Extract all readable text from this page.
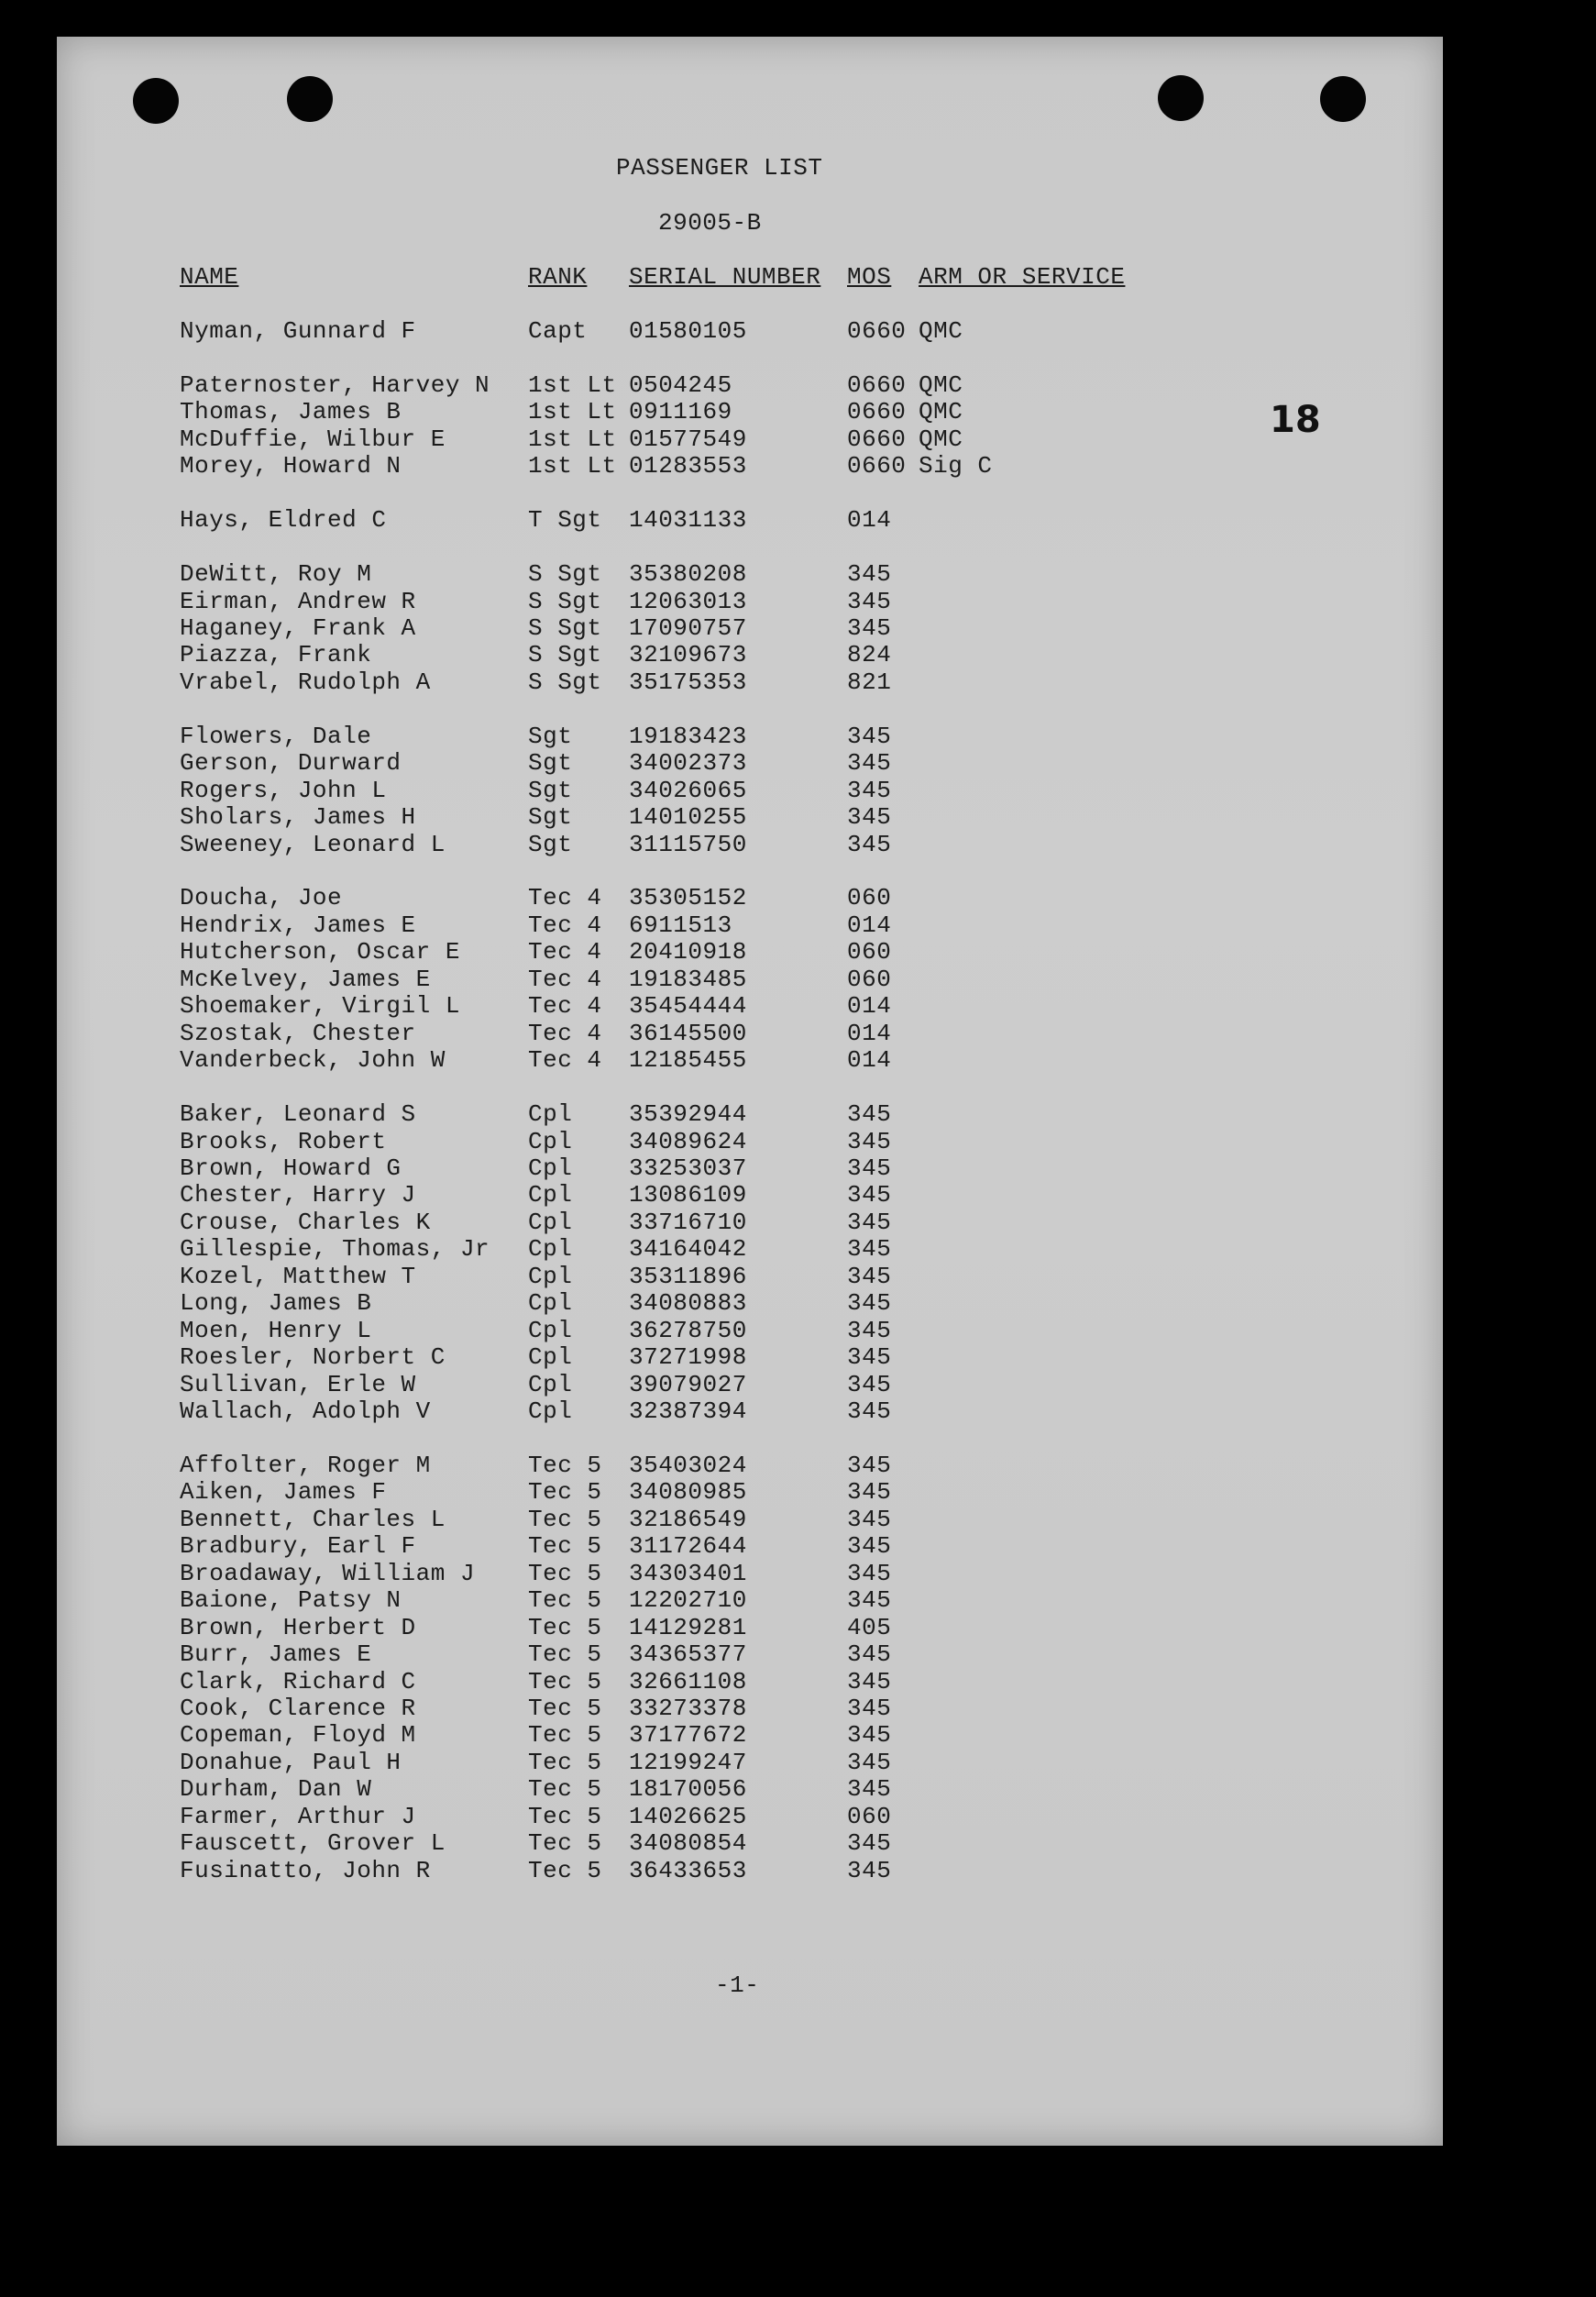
PASSENGER LIST
29005-B
NAME	RANK SERIAL NUMBER MOS ARM OR SERVICE
18
Nyman, Gunnard F	Capt 01580105	0660 QMC
Paternoster, Harvey N 1st Lt 0504245	0660 QMC
Thomas, James B	1st Lt 0911169	0660 QMC
McDuffie, Wilbur E	1st Lt 01577549	0660 QMC
Morey, Howard N	1st Lt 01283553	0660 Sig C
Hays, Eldred C	T Sgt 14031133	014
DeWitt, Roy M	S Sgt 35380208	345
Eirman, Andrew R	S Sgt 12063013	345
Haganey, Frank A	S Sgt 17090757	345
Piazza, Frank	S Sgt 32109673	824
Vrabel, Rudolph A	S Sgt 35175353	821
Flowers, Dale	Sgt 19183423	345
Gerson, Durward	Sgt 34002373	345
Rogers, John L	Sgt 34026065	345
Sholars, James H	Sgt 14010255	345
Sweeney, Leonard L	Sgt 31115750	345
Doucha, Joe	Tec 4 35305152	060
Hendrix, James E	Tec 4 6911513	014
Hutcherson, Oscar E	Tec 4 20410918	060
McKelvey, James E	Tec 4 19183485	060
Shoemaker, Virgil L	Tec 4 35454444	014
Szostak, Chester	Tec 4 36145500	014
Vanderbeck, John W	Tec 4 12185455	014
Baker, Leonard S	Cpl 35392944	345
Brooks, Robert	Cpl 34089624	345
Brown, Howard G	Cpl 33253037	345
Chester, Harry J	Cpl 13086109	345
Crouse, Charles K	Cpl 33716710	345
Gillespie, Thomas, Jr Cpl 34164042	345
Kozel, Matthew T	Cpl 35311896	345
Long, James B	Cpl 34080883	345
Moen, Henry L	Cpl 36278750	345
Roesler, Norbert C	Cpl 37271998	345
Sullivan, Erle W	Cpl 39079027	345
Wallach, Adolph V	Cpl 32387394	345
Affolter, Roger M	Tec 5 35403024	345
Aiken, James F	Tec 5 34080985	345
Bennett, Charles L	Tec 5 32186549	345
Bradbury, Earl F	Tec 5 31172644	345
Broadaway, William J Tec 5 34303401	345
Baione, Patsy N	Tec 5 12202710	345
Brown, Herbert D	Tec 5 14129281	405
Burr, James E	Tec 5 34365377	345
Clark, Richard C	Tec 5 32661108	345
Cook, Clarence R	Tec 5 33273378	345
Copeman, Floyd M	Tec 5 37177672	345
Donahue, Paul H	Tec 5 12199247	345
Durham, Dan W	Tec 5 18170056	345
Farmer, Arthur J	Tec 5 14026625	060
Fauscett, Grover L	Tec 5 34080854	345
Fusinatto, John R	Tec 5 36433653	345
-1-
